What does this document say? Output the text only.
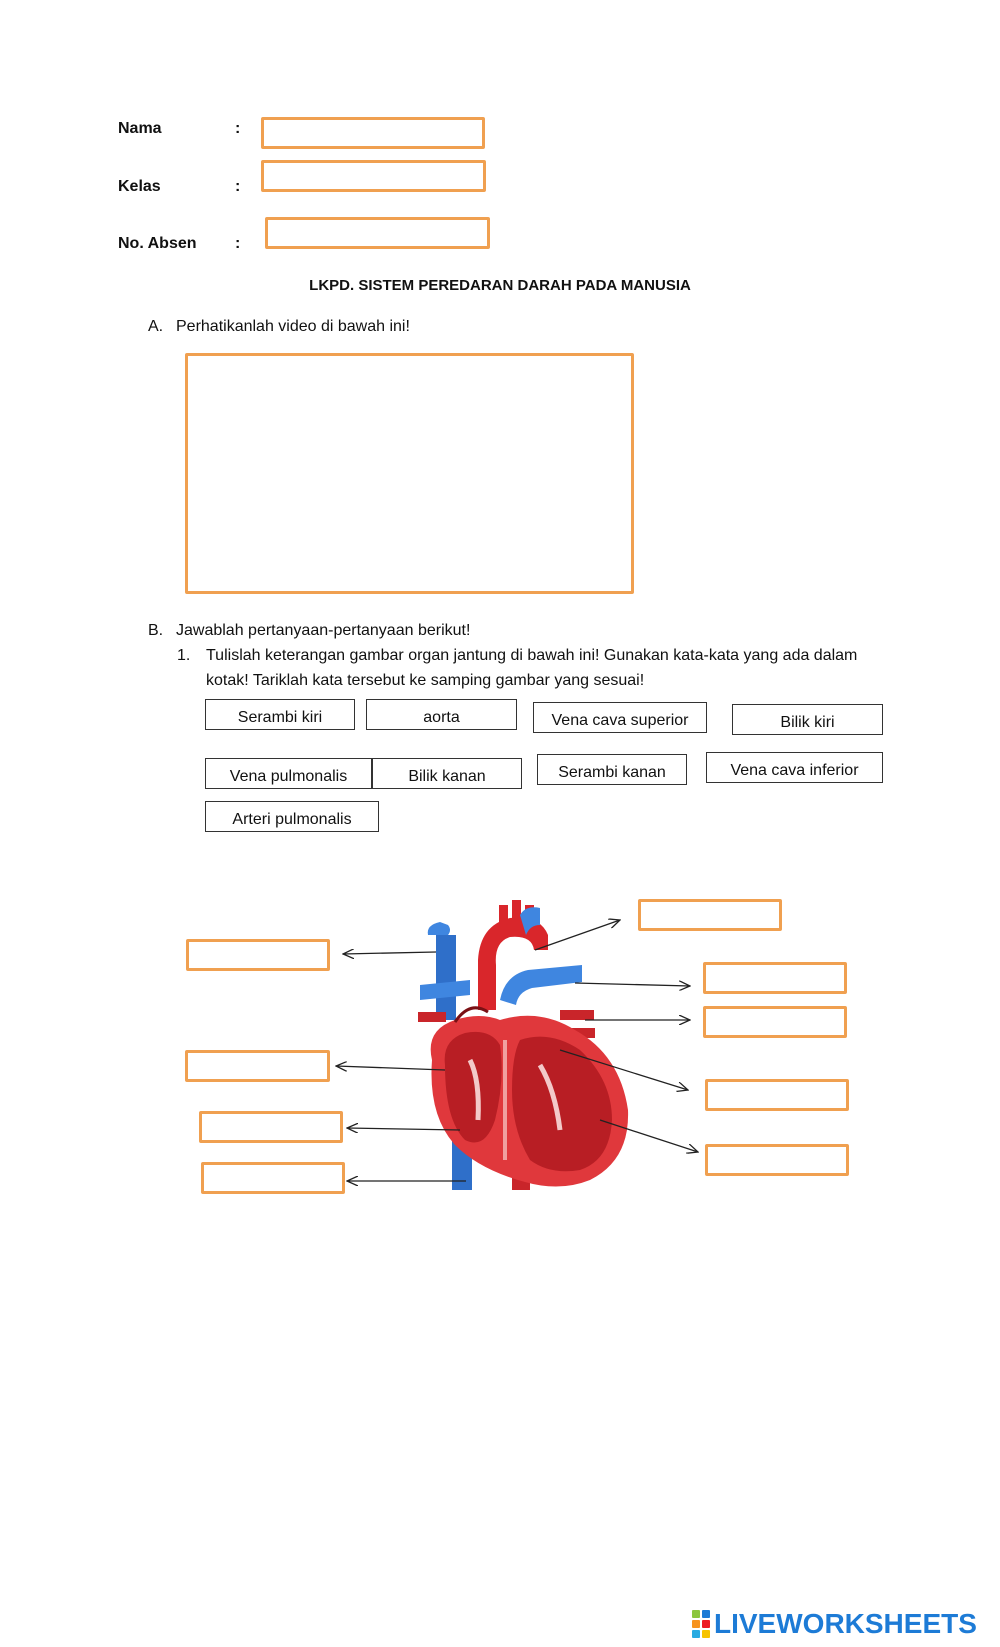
Nama	:
Kelas	:
No. Absen :
LKPD. SISTEM PEREDARAN DARAH PADA MANUSIA
A. Perhatikanlah video di bawah ini!
B. Jawablah pertanyaan-pertanyaan berikut!
1. Tulislah keterangan gambar organ jantung di bawah ini! Gunakan kata-kata yang ada dalam
kotak! Tariklah kata tersebut ke samping gambar yang sesuai!
Serambi kiri	aorta	Vena cava superior	Bilik kiri
Vena pulmonalis	Bilik kanan	Serambi kanan	Vena cava inferior
Arteri pulmonalis
LIVEWORKSHEETS
